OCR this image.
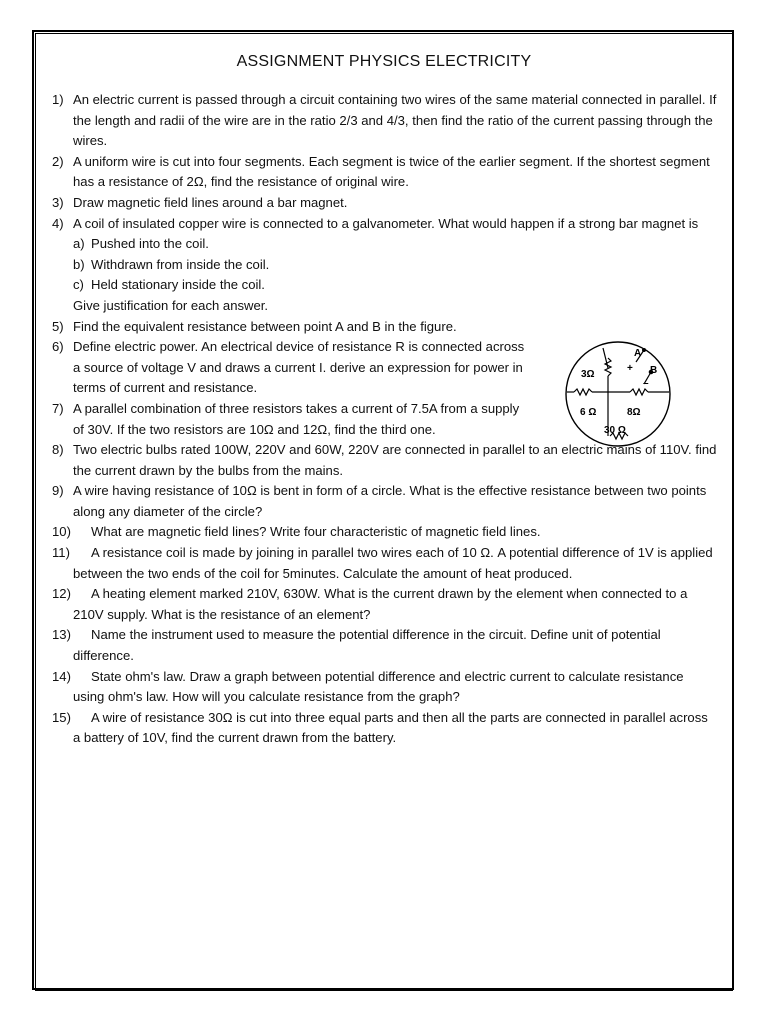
ASSIGNMENT PHYSICS ELECTRICITY
1) An electric current is passed through a circuit containing two wires of the same material connected in parallel. If the length and radii of the wire are in the ratio 2/3 and 4/3, then find the ratio of the current passing through the wires.
2) A uniform wire is cut into four segments. Each segment is twice of the earlier segment. If the shortest segment has a resistance of 2Ω, find the resistance of original wire.
3) Draw magnetic field lines around a bar magnet.
4) A coil of insulated copper wire is connected to a galvanometer. What would happen if a strong bar magnet is
a) Pushed into the coil.
b) Withdrawn from inside the coil.
c) Held stationary inside the coil.
Give justification for each answer.
5) Find the equivalent resistance between point A and B in the figure.
6) Define electric power. An electrical device of resistance R is connected across a source of voltage V and draws a current I. derive an expression for power in terms of current and resistance.
7) A parallel combination of three resistors takes a current of 7.5A from a supply of 30V. If the two resistors are 10Ω and 12Ω, find the third one.
8) Two electric bulbs rated 100W, 220V and 60W, 220V are connected in parallel to an electric mains of 110V. find the current drawn by the bulbs from the mains.
9) A wire having resistance of 10Ω is bent in form of a circle. What is the effective resistance between two points along any diameter of the circle?
10) What are magnetic field lines? Write four characteristic of magnetic field lines.
11) A resistance coil is made by joining in parallel two wires each of 10 Ω. A potential difference of 1V is applied between the two ends of the coil for 5minutes. Calculate the amount of heat produced.
12) A heating element marked 210V, 630W. What is the current drawn by the element when connected to a 210V supply. What is the resistance of an element?
13) Name the instrument used to measure the potential difference in the circuit. Define unit of potential difference.
14) State ohm's law. Draw a graph between potential difference and electric current to calculate resistance using ohm's law. How will you calculate resistance from the graph?
15) A wire of resistance 30Ω is cut into three equal parts and then all the parts are connected in parallel across a battery of 10V, find the current drawn from the battery.
3Ω
6 Ω	8Ω
30 Ω
A
B
+
–
